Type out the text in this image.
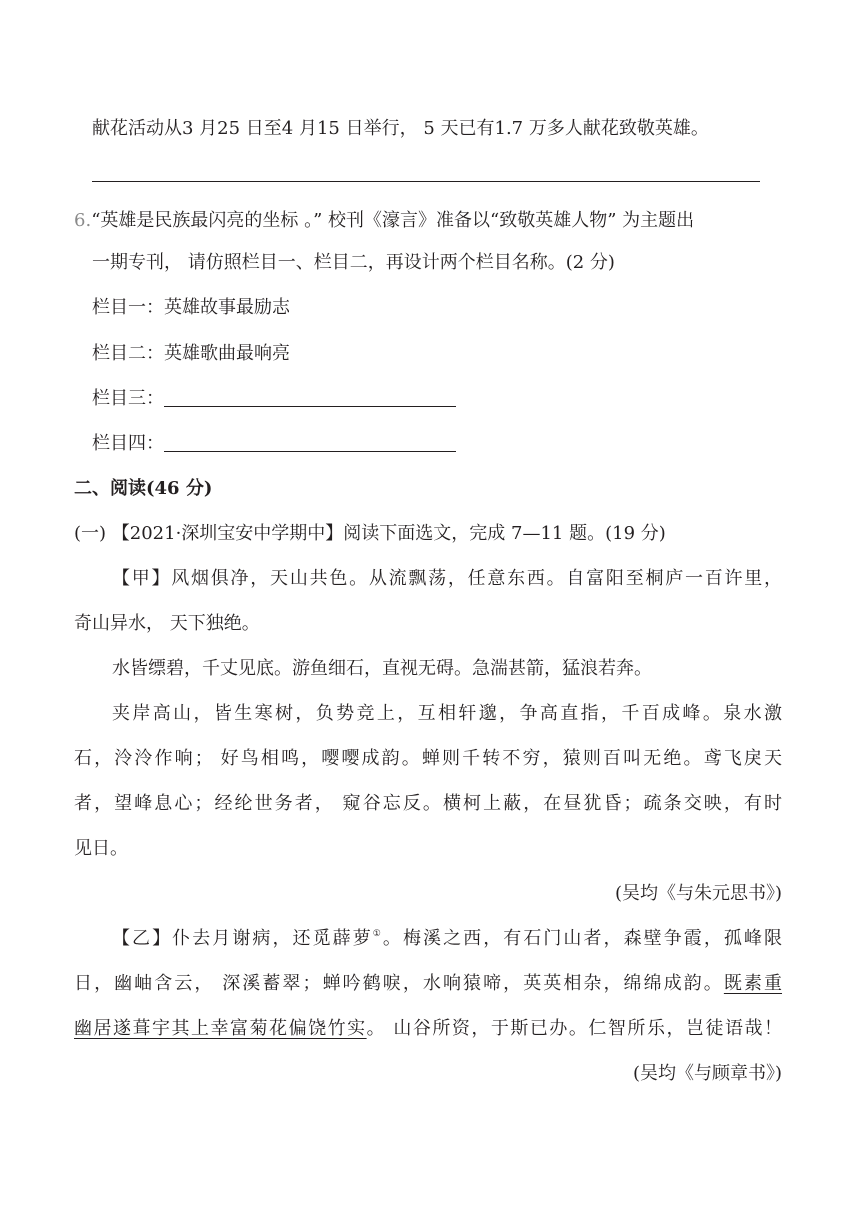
献花活动从3 月25 日至4 月15 日举行， 5 天已有1.7 万多人献花致敬英雄。
6.“英雄是民族最闪亮的坐标 。” 校刊《濠言》准备以“致敬英雄人物” 为主题出
一期专刊， 请仿照栏目一、栏目二，再设计两个栏目名称。(2 分)
栏目一：英雄故事最励志
栏目二：英雄歌曲最响亮
栏目三：
栏目四：
二、阅读(46 分)
(一) 【2021·深圳宝安中学期中】阅读下面选文，完成 7—11 题。(19 分)
【甲】风烟俱净，天山共色。从流飘荡，任意东西。自富阳至桐庐一百许里，
奇山异水， 天下独绝。
水皆缥碧，千丈见底。游鱼细石，直视无碍。急湍甚箭，猛浪若奔。
夹岸高山，皆生寒树，负势竞上，互相轩邈，争高直指，千百成峰。泉水激
石，泠泠作响； 好鸟相鸣，嘤嘤成韵。蝉则千转不穷，猿则百叫无绝。鸢飞戾天
者，望峰息心；经纶世务者， 窥谷忘反。横柯上蔽，在昼犹昏；疏条交映，有时
见日。
(吴均《与朱元思书》)
【乙】仆去月谢病，还觅薜萝①。梅溪之西，有石门山者，森壁争霞，孤峰限
日，幽岫含云， 深溪蓄翠；蝉吟鹤唳，水响猿啼，英英相杂，绵绵成韵。既素重
幽居遂葺宇其上幸富菊花偏饶竹实。 山谷所资，于斯已办。仁智所乐，岂徒语哉！
(吴均《与顾章书》)
